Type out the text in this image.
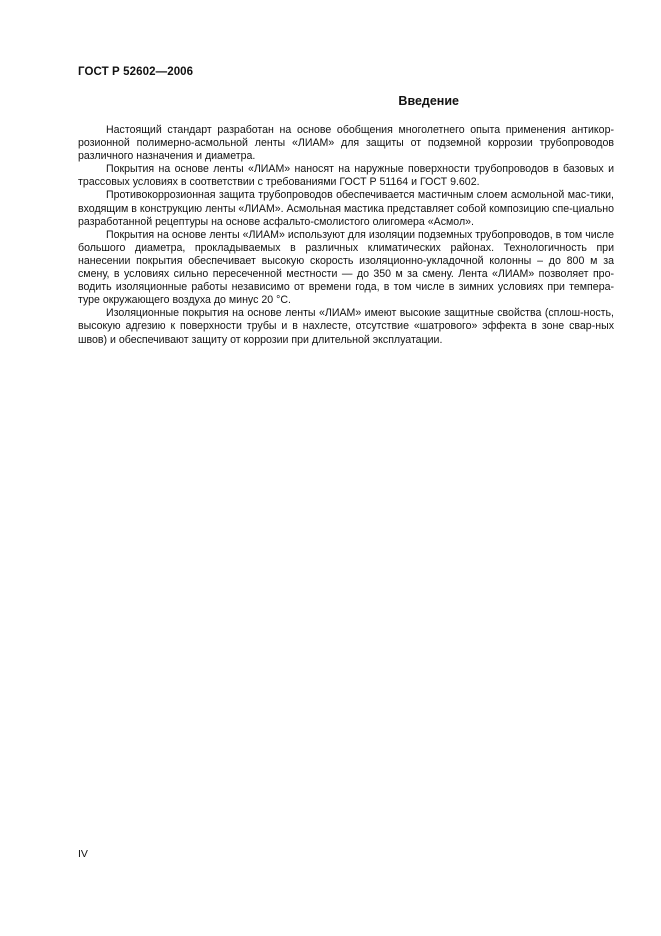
ГОСТ Р 52602—2006
Введение

Настоящий стандарт разработан на основе обобщения многолетнего опыта применения антикор-розионной полимерно-асмольной ленты «ЛИАМ» для защиты от подземной коррозии трубопроводов различного назначения и диаметра.

Покрытия на основе ленты «ЛИАМ» наносят на наружные поверхности трубопроводов в базовых и трассовых условиях в соответствии с требованиями ГОСТ Р 51164 и ГОСТ 9.602.

Противокоррозионная защита трубопроводов обеспечивается мастичным слоем асмольной мас-тики, входящим в конструкцию ленты «ЛИАМ». Асмольная мастика представляет собой композицию спе-циально разработанной рецептуры на основе асфальто-смолистого олигомера «Асмол».

Покрытия на основе ленты «ЛИАМ» используют для изоляции подземных трубопроводов, в том числе большого диаметра, прокладываемых в различных климатических районах. Технологичность при нанесении покрытия обеспечивает высокую скорость изоляционно-укладочной колонны – до 800 м за смену, в условиях сильно пересеченной местности — до 350 м за смену. Лента «ЛИАМ» позволяет про-водить изоляционные работы независимо от времени года, в том числе в зимних условиях при темпера-туре окружающего воздуха до минус 20 °С.

Изоляционные покрытия на основе ленты «ЛИАМ» имеют высокие защитные свойства (сплош-ность, высокую адгезию к поверхности трубы и в нахлесте, отсутствие «шатрового» эффекта в зоне свар-ных швов) и обеспечивают защиту от коррозии при длительной эксплуатации.

IV
